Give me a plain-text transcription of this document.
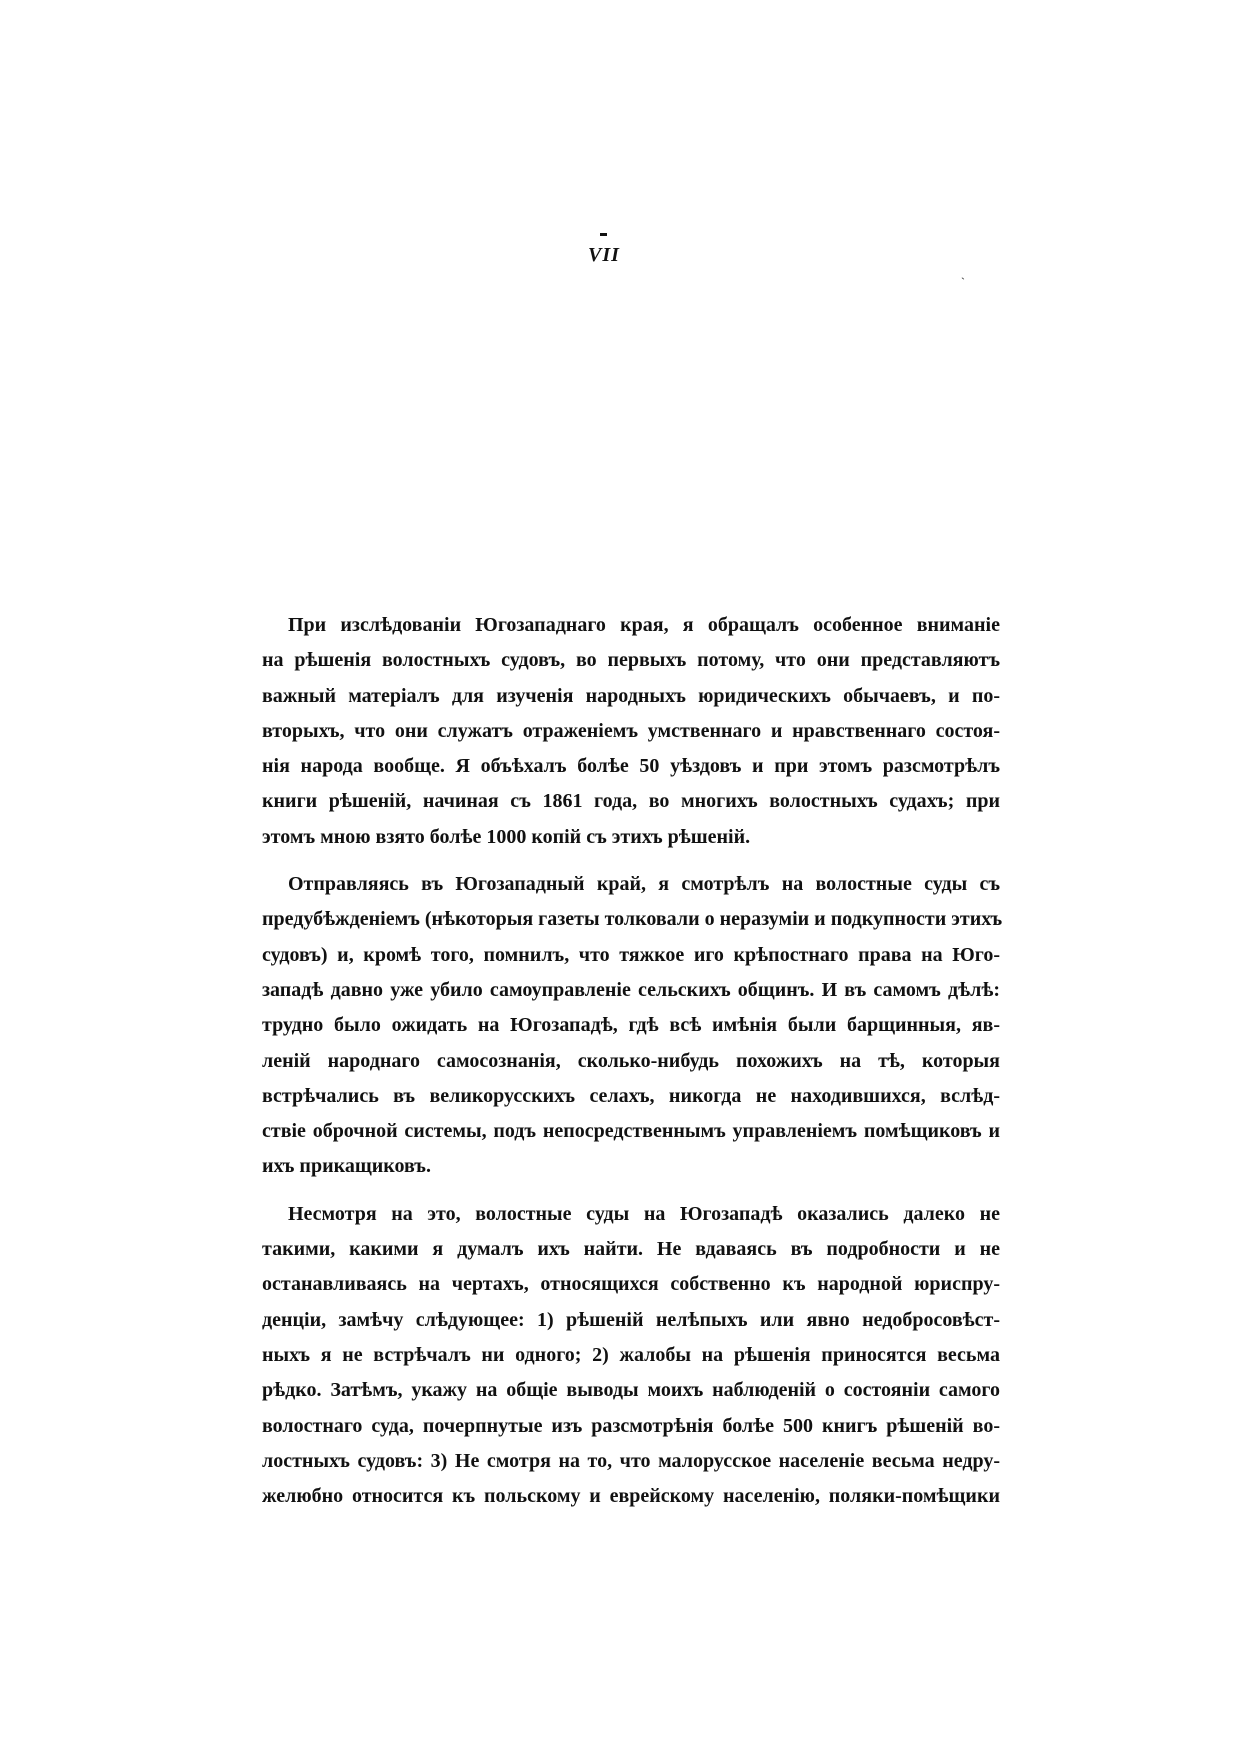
VII
ˎ

При изслѣдованіи Югозападнаго края, я обращалъ особенное вниманіе
на рѣшенія волостныхъ судовъ, во первыхъ потому, что они представляютъ
важный матеріалъ для изученія народныхъ юридическихъ обычаевъ, и по-
вторыхъ, что они служатъ отраженіемъ умственнаго и нравственнаго состоя-
нія народа вообще. Я объѣхалъ болѣе 50 уѣздовъ и при этомъ разсмотрѣлъ
книги рѣшеній, начиная съ 1861 года, во многихъ волостныхъ судахъ; при
этомъ мною взято болѣе 1000 копій съ этихъ рѣшеній.

Отправляясь въ Югозападный край, я смотрѣлъ на волостные суды съ
предубѣжденіемъ (нѣкоторыя газеты толковали о неразуміи и подкупности этихъ
судовъ) и, кромѣ того, помнилъ, что тяжкое иго крѣпостнаго права на Юго-
западѣ давно уже убило самоуправленіе сельскихъ общинъ. И въ самомъ дѣлѣ:
трудно было ожидать на Югозападѣ, гдѣ всѣ имѣнія были барщинныя, яв-
леній народнаго самосознанія, сколько-нибудь похожихъ на тѣ, которыя
встрѣчались въ великорусскихъ селахъ, никогда не находившихся, вслѣд-
ствіе оброчной системы, подъ непосредственнымъ управленіемъ помѣщиковъ и
ихъ прикащиковъ.

Несмотря на это, волостные суды на Югозападѣ оказались далеко не
такими, какими я думалъ ихъ найти. Не вдаваясь въ подробности и не
останавливаясь на чертахъ, относящихся собственно къ народной юриспру-
денціи, замѣчу слѣдующее: 1) рѣшеній нелѣпыхъ или явно недобросовѣст-
ныхъ я не встрѣчалъ ни одного; 2) жалобы на рѣшенія приносятся весьма
рѣдко. Затѣмъ, укажу на общіе выводы моихъ наблюденій о состояніи самого
волостнаго суда, почерпнутые изъ разсмотрѣнія болѣе 500 книгъ рѣшеній во-
лостныхъ судовъ: 3) Не смотря на то, что малорусское населеніе весьма недру-
желюбно относится къ польскому и еврейскому населенію, поляки-помѣщики
